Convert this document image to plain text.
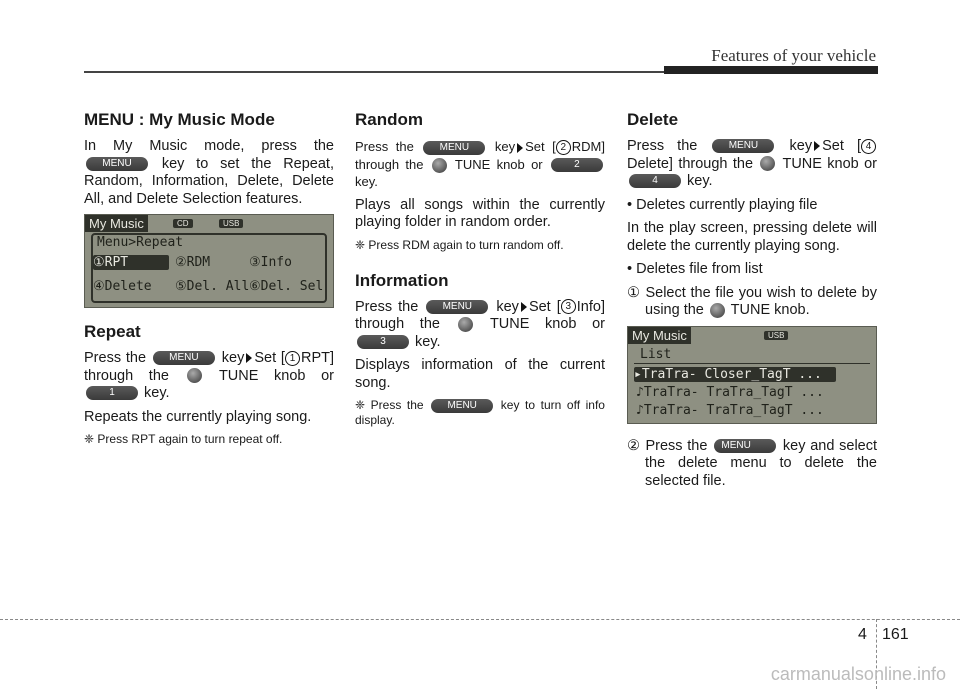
Features of your vehicle
MENU : My Music Mode

In My Music mode, press the MENU key to set the Repeat, Random, Information, Delete, Delete All, and Delete Selection features.

My Music	CD	USB
Menu>Repeat
①RPT	②RDM	③Info
④Delete ⑤Del. All ⑥Del. Sel
Repeat

Press the MENU key Set [ 1 RPT] through the	TUNE knob or 1 key.

Repeats the currently playing song.

❈ Press RPT again to turn repeat off.

Random

Press the	MENU key Set [ 2 RDM] through the TUNE knob or	2 key.

Plays all songs within the currently playing folder in random order.

❈ Press RDM again to turn random off.

Information

Press the MENU key Set [ 3 Info] through the	TUNE knob or 3 key.

Displays information of the current song.

❈ Press the MENU key to turn off info display.

Delete

Press the	MENU key Set [ 4Delete] through the TUNE knob or 4 key.

• Deletes currently playing file

In the play screen, pressing delete will delete the currently playing song.

• Deletes file from list

① Select the file you wish to delete by using the TUNE knob.

My Music	USB
List
▸TraTra- Closer_TagT ...
♪TraTra- TraTra_TagT ...
♪TraTra- TraTra_TagT ...

② Press the MENU key and select the delete menu to delete the selected file.

4 161
carmanualsonline.info
